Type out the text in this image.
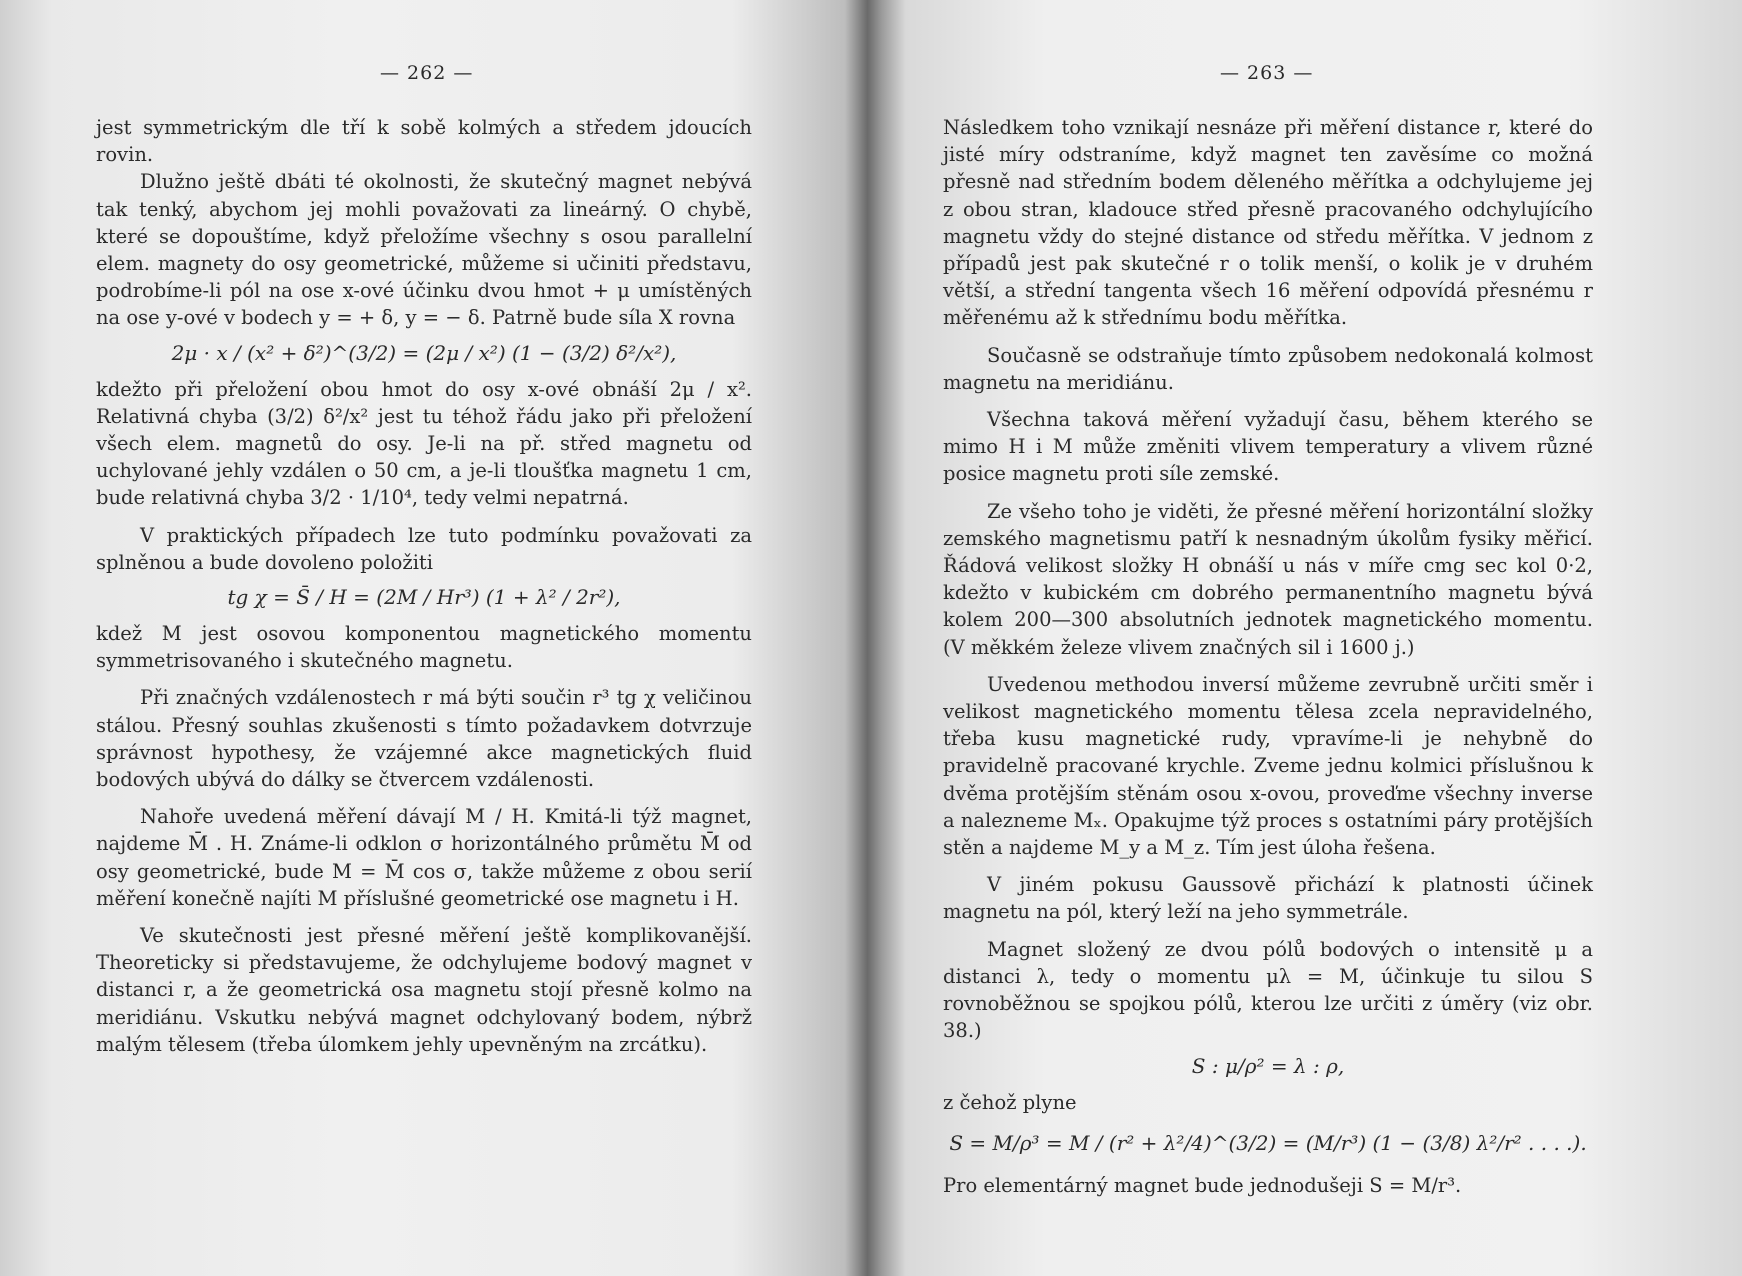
— 262 —

jest symmetrickým dle tří k sobě kolmých a středem jdoucích rovin.

Dlužno ještě dbáti té okolnosti, že skutečný magnet nebývá tak tenký, abychom jej mohli považovati za lineárný. O chybě, které se dopouštíme, když přeložíme všechny s osou parallelní elem. magnety do osy geometrické, můžeme si učiniti představu, podrobíme-li pól na ose x-ové účinku dvou hmot + μ umístěných na ose y-ové v bodech y = + δ, y = − δ. Patrně bude síla X rovna

2μ · x / (x² + δ²)^(3/2) = (2μ / x²) (1 − (3/2) δ²/x²),

kdežto při přeložení obou hmot do osy x-ové obnáší 2μ / x². Relativná chyba (3/2) δ²/x² jest tu téhož řádu jako při přeložení všech elem. magnetů do osy. Je-li na př. střed magnetu od uchylované jehly vzdálen o 50 cm, a je-li tloušťka magnetu 1 cm, bude relativná chyba 3/2 · 1/10⁴, tedy velmi nepatrná.

V praktických případech lze tuto podmínku považovati za splněnou a bude dovoleno položiti

tg χ = S̄ / H = (2M / Hr³) (1 + λ² / 2r²),

kdež M jest osovou komponentou magnetického momentu symmetrisovaného i skutečného magnetu.

Při značných vzdálenostech r má býti součin r³ tg χ veličinou stálou. Přesný souhlas zkušenosti s tímto požadavkem dotvrzuje správnost hypothesy, že vzájemné akce magnetických fluid bodových ubývá do dálky se čtvercem vzdálenosti.

Nahoře uvedená měření dávají M / H. Kmitá-li týž magnet, najdeme M̄ . H. Známe-li odklon σ horizontálného průmětu M̄ od osy geometrické, bude M = M̄ cos σ, takže můžeme z obou serií měření konečně najíti M příslušné geometrické ose magnetu i H.

Ve skutečnosti jest přesné měření ještě komplikovanější. Theoreticky si představujeme, že odchylujeme bodový magnet v distanci r, a že geometrická osa magnetu stojí přesně kolmo na meridiánu. Vskutku nebývá magnet odchylovaný bodem, nýbrž malým tělesem (třeba úlomkem jehly upevněným na zrcátku).

— 263 —

Následkem toho vznikají nesnáze při měření distance r, které do jisté míry odstraníme, když magnet ten zavěsíme co možná přesně nad středním bodem děleného měřítka a odchylujeme jej z obou stran, kladouce střed přesně pracovaného odchylujícího magnetu vždy do stejné distance od středu měřítka. V jednom z případů jest pak skutečné r o tolik menší, o kolik je v druhém větší, a střední tangenta všech 16 měření odpovídá přesnému r měřenému až k střednímu bodu měřítka.

Současně se odstraňuje tímto způsobem nedokonalá kolmost magnetu na meridiánu.

Všechna taková měření vyžadují času, během kterého se mimo H i M může změniti vlivem temperatury a vlivem různé posice magnetu proti síle zemské.

Ze všeho toho je viděti, že přesné měření horizontální složky zemského magnetismu patří k nesnadným úkolům fysiky měřicí. Řádová velikost složky H obnáší u nás v míře cmg sec kol 0·2, kdežto v kubickém cm dobrého permanentního magnetu bývá kolem 200—300 absolutních jednotek magnetického momentu. (V měkkém železe vlivem značných sil i 1600 j.)

Uvedenou methodou inversí můžeme zevrubně určiti směr i velikost magnetického momentu tělesa zcela nepravidelného, třeba kusu magnetické rudy, vpravíme-li je nehybně do pravidelně pracované krychle. Zveme jednu kolmici příslušnou k dvěma protějším stěnám osou x-ovou, proveďme všechny inverse a nalezneme Mₓ. Opakujme týž proces s ostatními páry protějších stěn a najdeme M_y a M_z. Tím jest úloha řešena.

V jiném pokusu Gaussově přichází k platnosti účinek magnetu na pól, který leží na jeho symmetrále.

Magnet složený ze dvou pólů bodových o intensitě μ a distanci λ, tedy o momentu μλ = M, účinkuje tu silou S rovnoběžnou se spojkou pólů, kterou lze určiti z úměry (viz obr. 38.)

S : μ/ρ² = λ : ρ,

z čehož plyne

S = M/ρ³ = M / (r² + λ²/4)^(3/2) = (M/r³) (1 − (3/8) λ²/r² . . . .).

Pro elementárný magnet bude jednodušeji S = M/r³.
